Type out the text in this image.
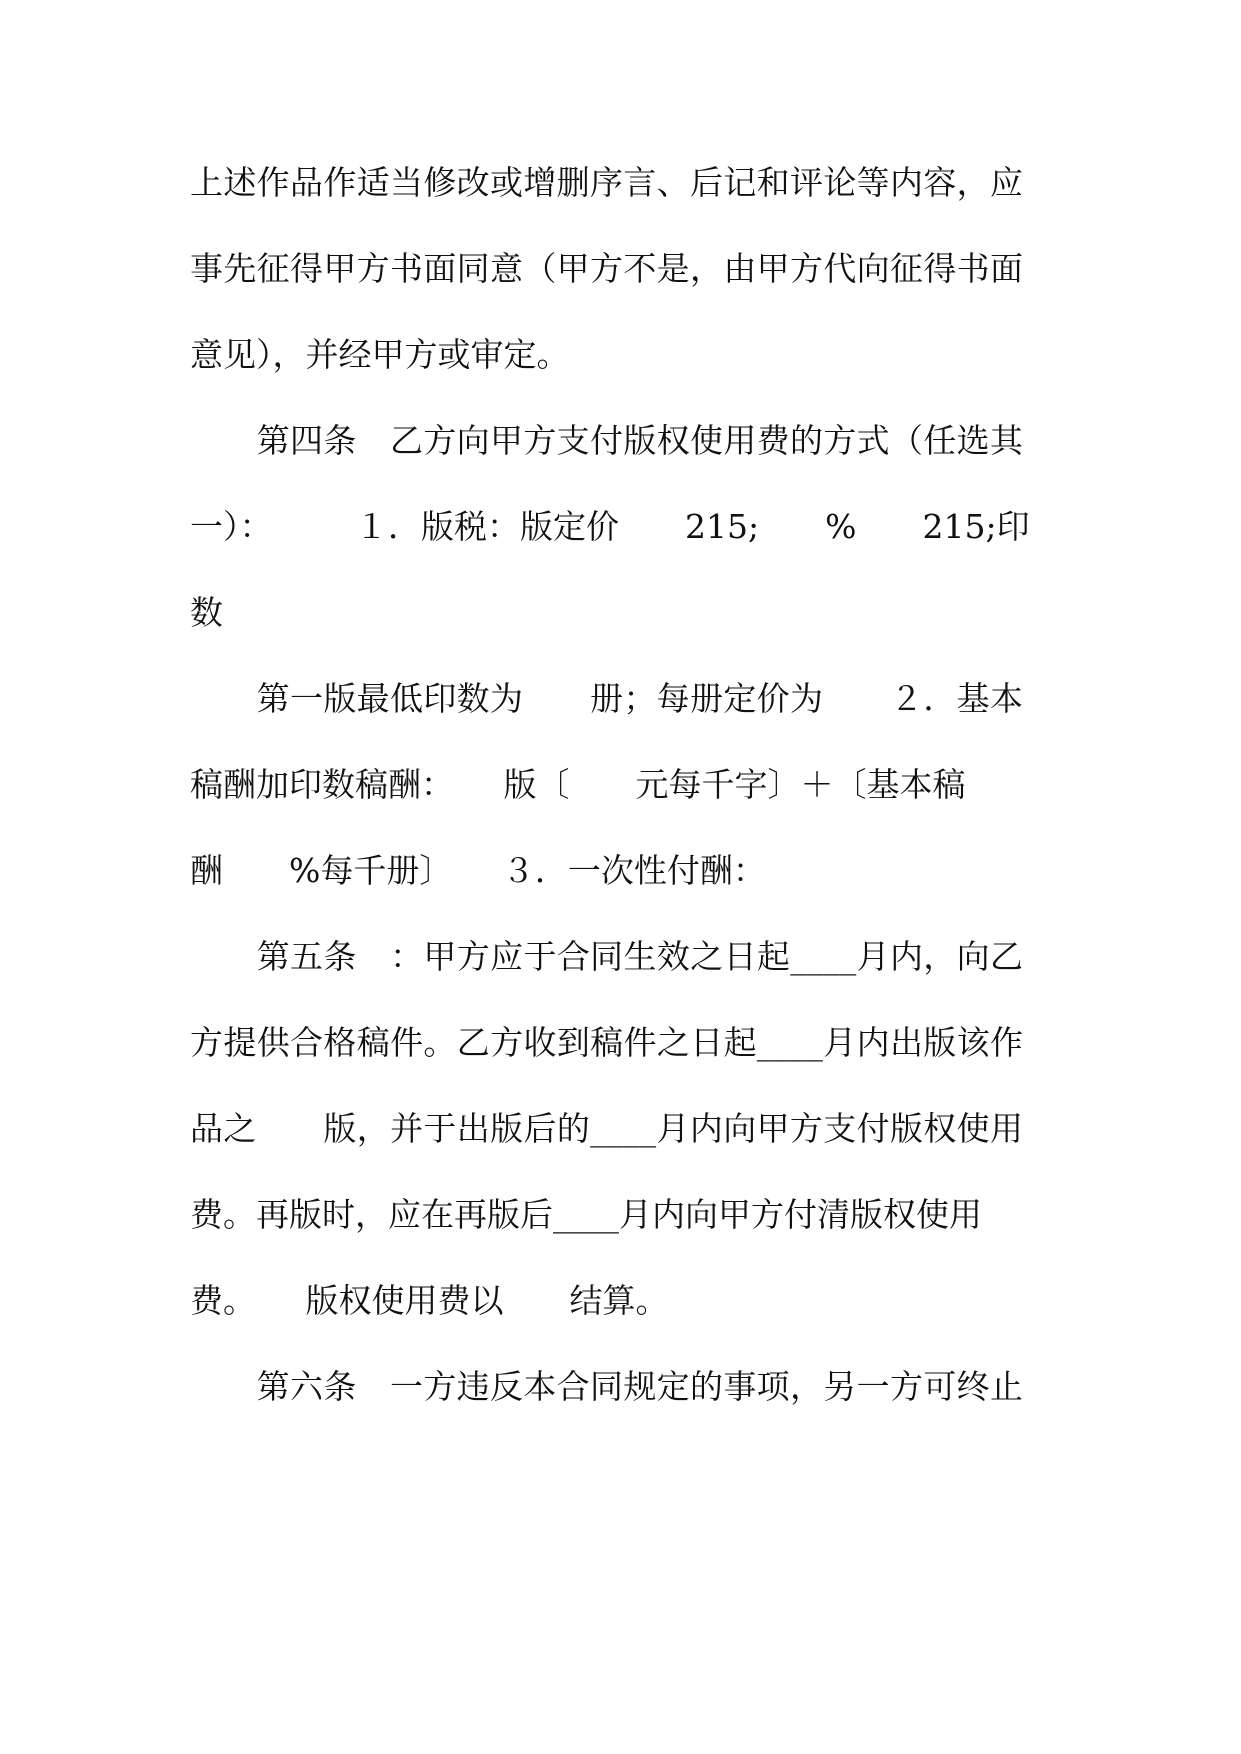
上述作品作适当修改或增删序言、后记和评论等内容，应
事先征得甲方书面同意（甲方不是，由甲方代向征得书面
意见），并经甲方或审定。
　　第四条　乙方向甲方支付版权使用费的方式（任选其
一）：　　　１．版税：版定价　　215;　　%　　215;印
数
　　第一版最低印数为　　册；每册定价为　　２．基本
稿酬加印数稿酬：　　版〔　　元每千字〕＋〔基本稿
酬　　%每千册〕　　３．一次性付酬：
　　第五条　：甲方应于合同生效之日起____月内，向乙
方提供合格稿件。乙方收到稿件之日起____月内出版该作
品之　　版，并于出版后的____月内向甲方支付版权使用
费。再版时，应在再版后____月内向甲方付清版权使用
费。　　版权使用费以　　结算。
　　第六条　一方违反本合同规定的事项，另一方可终止
